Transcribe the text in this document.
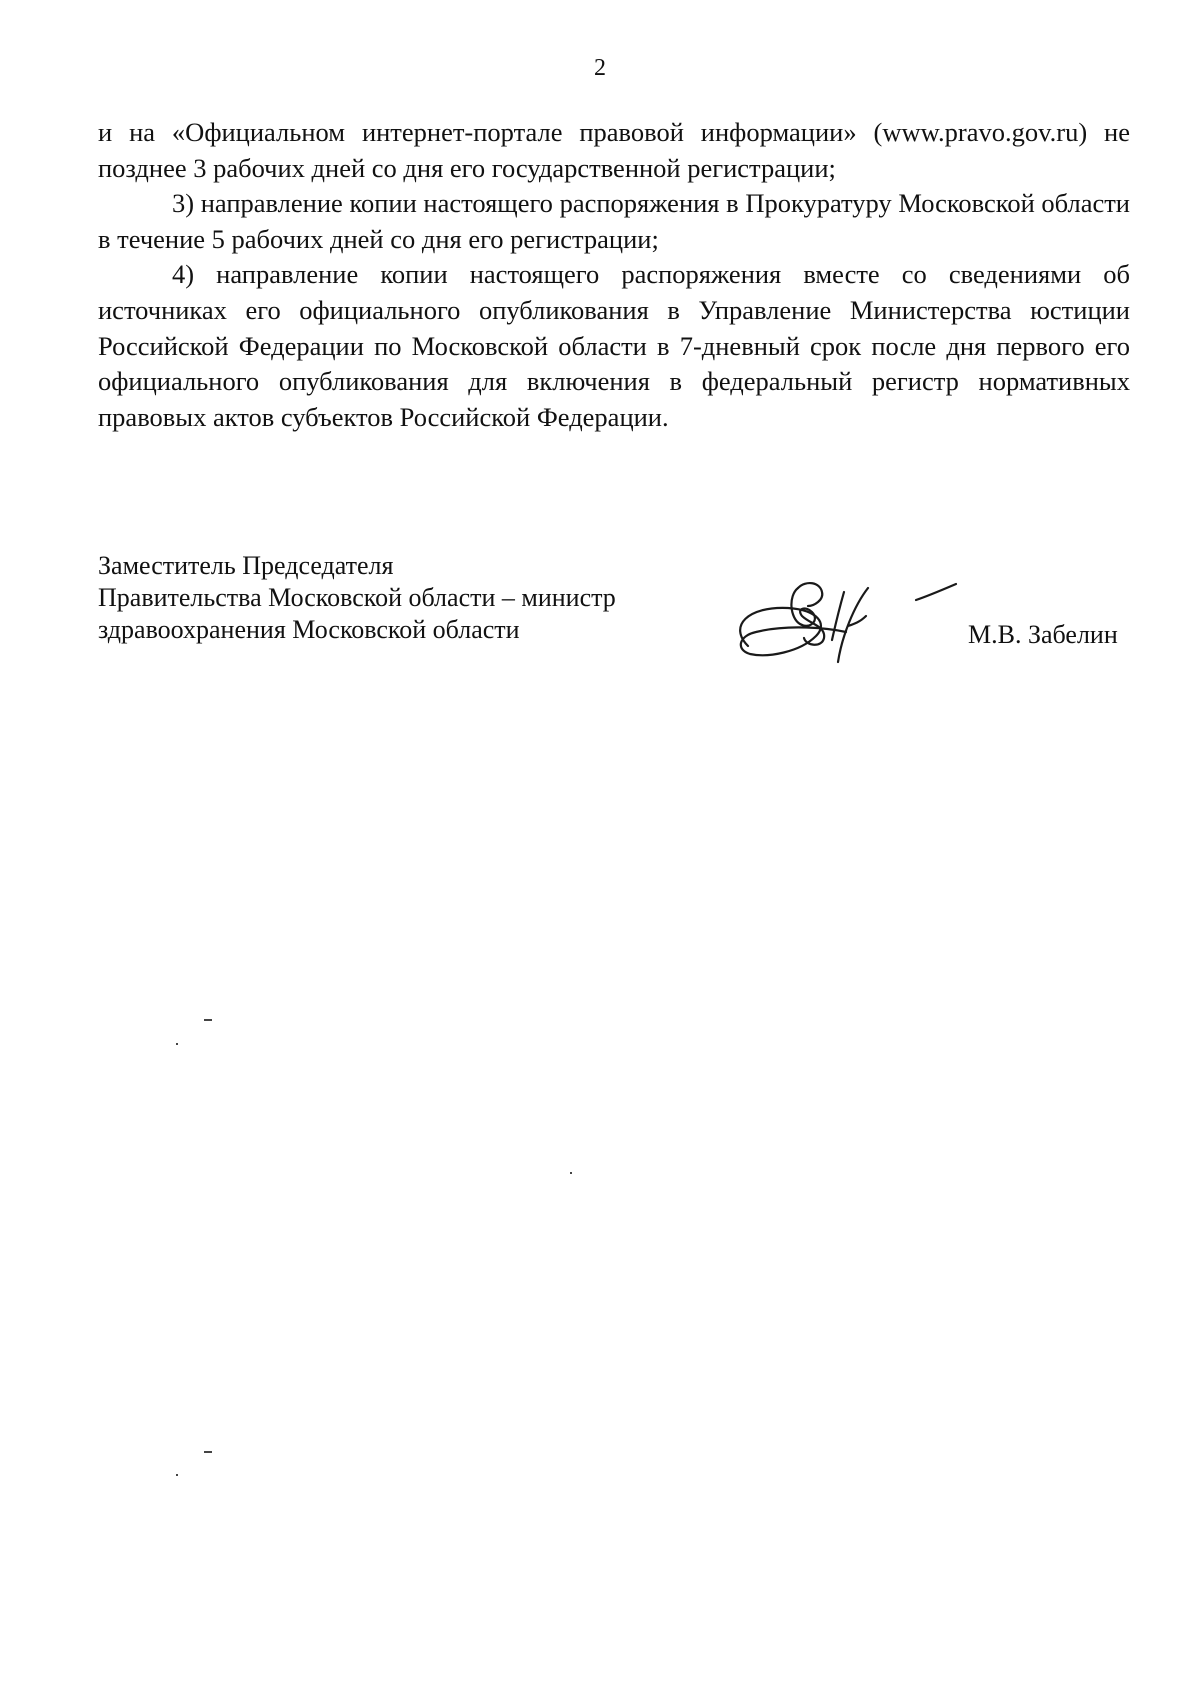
2

и на «Официальном интернет-портале правовой информации» (www.pravo.gov.ru) не позднее 3 рабочих дней со дня его государственной регистрации;

3) направление копии настоящего распоряжения в Прокуратуру Московской области в течение 5 рабочих дней со дня его регистрации;

4) направление копии настоящего распоряжения вместе со сведениями об источниках его официального опубликования в Управление Министерства юстиции Российской Федерации по Московской области в 7-дневный срок после дня первого его официального опубликования для включения в федеральный регистр нормативных правовых актов субъектов Российской Федерации.

Заместитель Председателя
Правительства Московской области – министр
здравоохранения Московской области	М.В. Забелин
